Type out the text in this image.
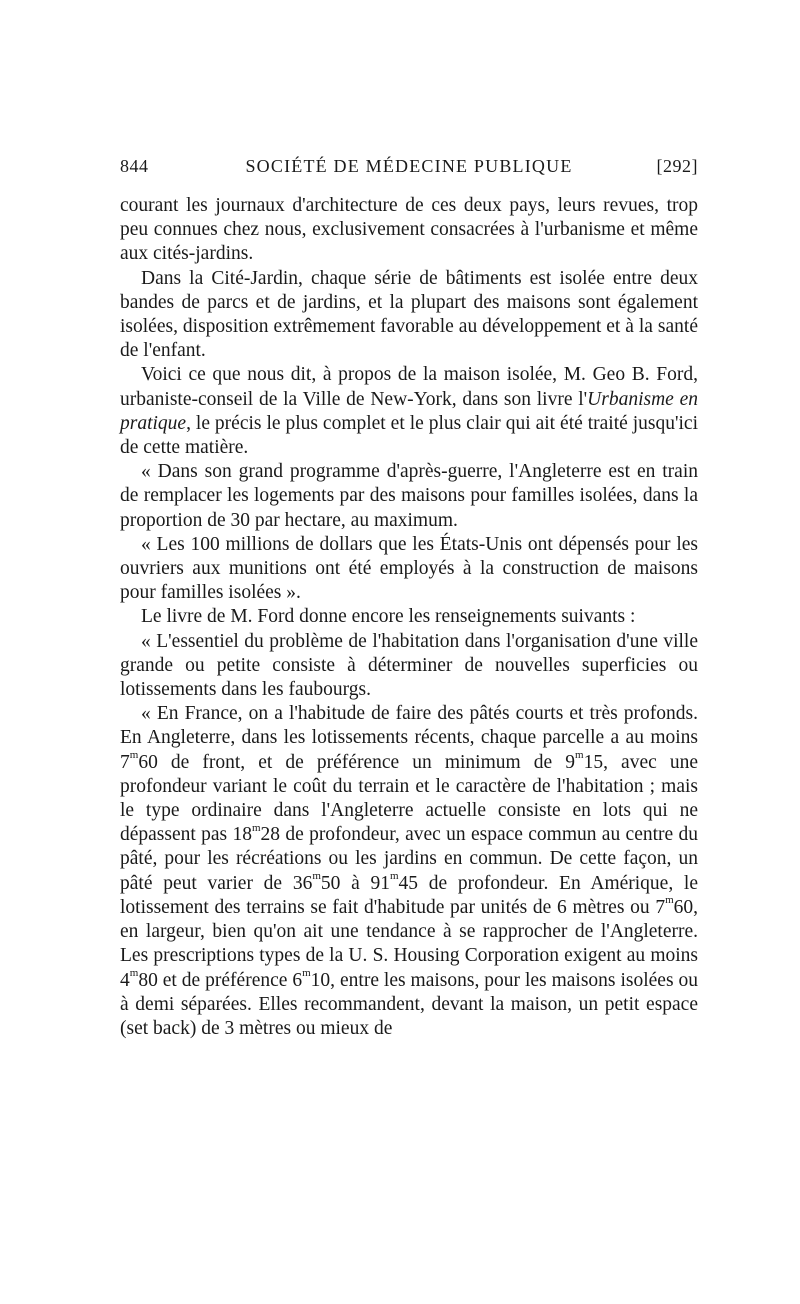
844	SOCIÉTÉ DE MÉDECINE PUBLIQUE	[292]

courant les journaux d'architecture de ces deux pays, leurs revues, trop peu connues chez nous, exclusivement consacrées à l'urbanisme et même aux cités-jardins.

Dans la Cité-Jardin, chaque série de bâtiments est isolée entre deux bandes de parcs et de jardins, et la plupart des maisons sont également isolées, disposition extrêmement favorable au développement et à la santé de l'enfant.

Voici ce que nous dit, à propos de la maison isolée, M. Geo B. Ford, urbaniste-conseil de la Ville de New-York, dans son livre l'Urbanisme en pratique, le précis le plus complet et le plus clair qui ait été traité jusqu'ici de cette matière.

« Dans son grand programme d'après-guerre, l'Angleterre est en train de remplacer les logements par des maisons pour familles isolées, dans la proportion de 30 par hectare, au maximum.

« Les 100 millions de dollars que les États-Unis ont dépensés pour les ouvriers aux munitions ont été employés à la construction de maisons pour familles isolées ».

Le livre de M. Ford donne encore les renseignements suivants :

« L'essentiel du problème de l'habitation dans l'organisation d'une ville grande ou petite consiste à déterminer de nouvelles superficies ou lotissements dans les faubourgs.

« En France, on a l'habitude de faire des pâtés courts et très profonds. En Angleterre, dans les lotissements récents, chaque parcelle a au moins 7$^m$60 de front, et de préférence un minimum de 9$^m$15, avec une profondeur variant le coût du terrain et le caractère de l'habitation ; mais le type ordinaire dans l'Angleterre actuelle consiste en lots qui ne dépassent pas 18$^m$28 de profondeur, avec un espace commun au centre du pâté, pour les récréations ou les jardins en commun. De cette façon, un pâté peut varier de 36$^m$50 à 91$^m$45 de profondeur. En Amérique, le lotissement des terrains se fait d'habitude par unités de 6 mètres ou 7$^m$60, en largeur, bien qu'on ait une tendance à se rapprocher de l'Angleterre. Les prescriptions types de la U. S. Housing Corporation exigent au moins 4$^m$80 et de préférence 6$^m$10, entre les maisons, pour les maisons isolées ou à demi séparées. Elles recommandent, devant la maison, un petit espace (set back) de 3 mètres ou mieux de
